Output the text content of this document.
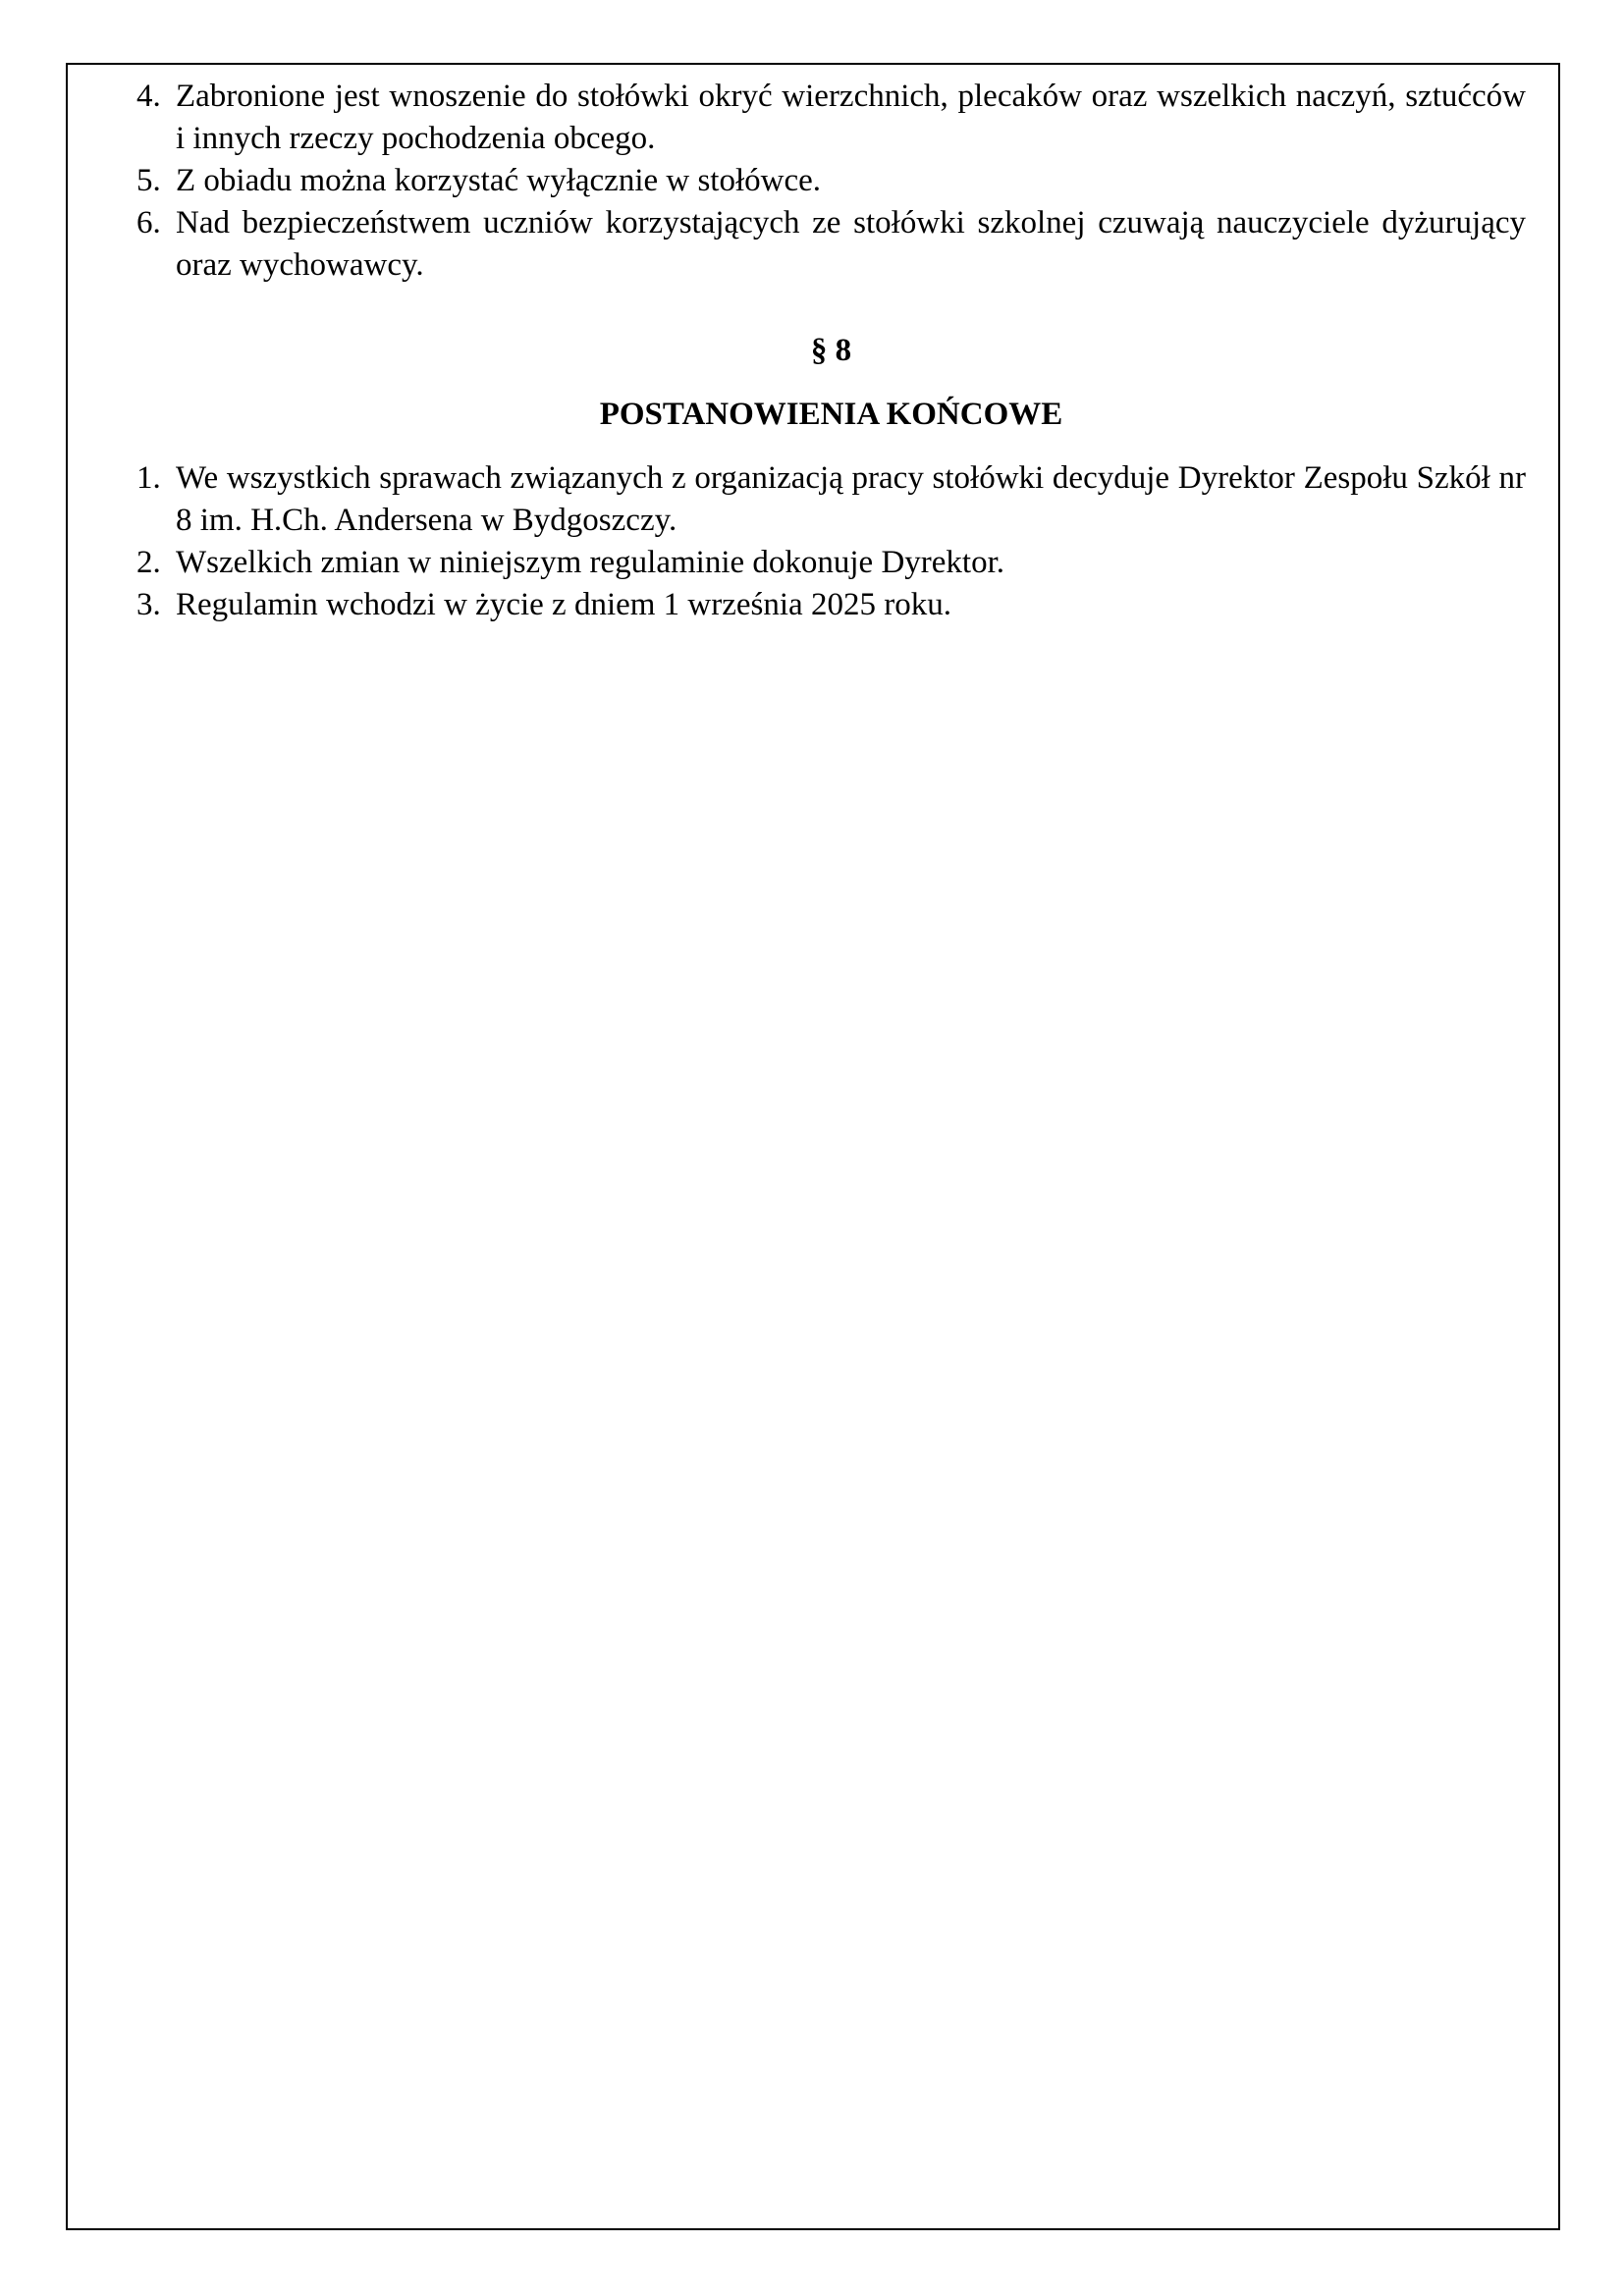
4. Zabronione jest wnoszenie do stołówki okryć wierzchnich, plecaków oraz wszelkich naczyń, sztućców i innych rzeczy pochodzenia obcego.
5. Z obiadu można korzystać wyłącznie w stołówce.
6. Nad bezpieczeństwem uczniów korzystających ze stołówki szkolnej czuwają nauczyciele dyżurujący oraz wychowawcy.
§ 8
POSTANOWIENIA KOŃCOWE
1. We wszystkich sprawach związanych z organizacją pracy stołówki decyduje Dyrektor Zespołu Szkół nr 8 im. H.Ch. Andersena w Bydgoszczy.
2. Wszelkich zmian w niniejszym regulaminie dokonuje Dyrektor.
3. Regulamin wchodzi w życie z dniem 1 września 2025 roku.
